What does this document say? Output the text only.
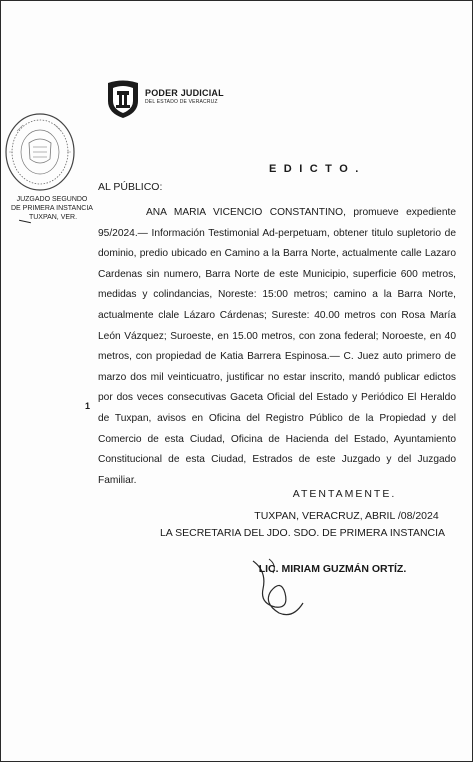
PODER JUDICIAL
DEL ESTADO DE VERACRUZ
JUZGADO SEGUNDO
DE PRIMERA INSTANCIA
TUXPAN, VER.
E D I C T O .
AL PÚBLICO:

ANA MARIA VICENCIO CONSTANTINO, promueve expediente 95/2024.— Información Testimonial Ad-perpetuam, obtener titulo supletorio de dominio, predio ubicado en Camino a la Barra Norte, actualmente calle Lazaro Cardenas sin numero, Barra Norte de este Municipio, superficie 600 metros, medidas y colindancias, Noreste: 15:00 metros; camino a la Barra Norte, actualmente clale Lázaro Cárdenas; Sureste: 40.00 metros con Rosa María León Vázquez; Suroeste, en 15.00 metros, con zona federal; Noroeste, en 40 metros, con propiedad de Katia Barrera Espinosa.— C. Juez auto primero de marzo dos mil veinticuatro, justificar no estar inscrito, mandó publicar edictos por dos veces consecutivas Gaceta Oficial del Estado y Periódico El Heraldo de Tuxpan, avisos en Oficina del Registro Público de la Propiedad y del Comercio de esta Ciudad, Oficina de Hacienda del Estado, Ayuntamiento Constitucional de esta Ciudad, Estrados de este Juzgado y del Juzgado Familiar.

1
ATENTAMENTE.
TUXPAN, VERACRUZ, ABRIL /08/2024
LA SECRETARIA DEL JDO. SDO. DE PRIMERA INSTANCIA
LIC. MIRIAM GUZMÁN ORTÍZ.
